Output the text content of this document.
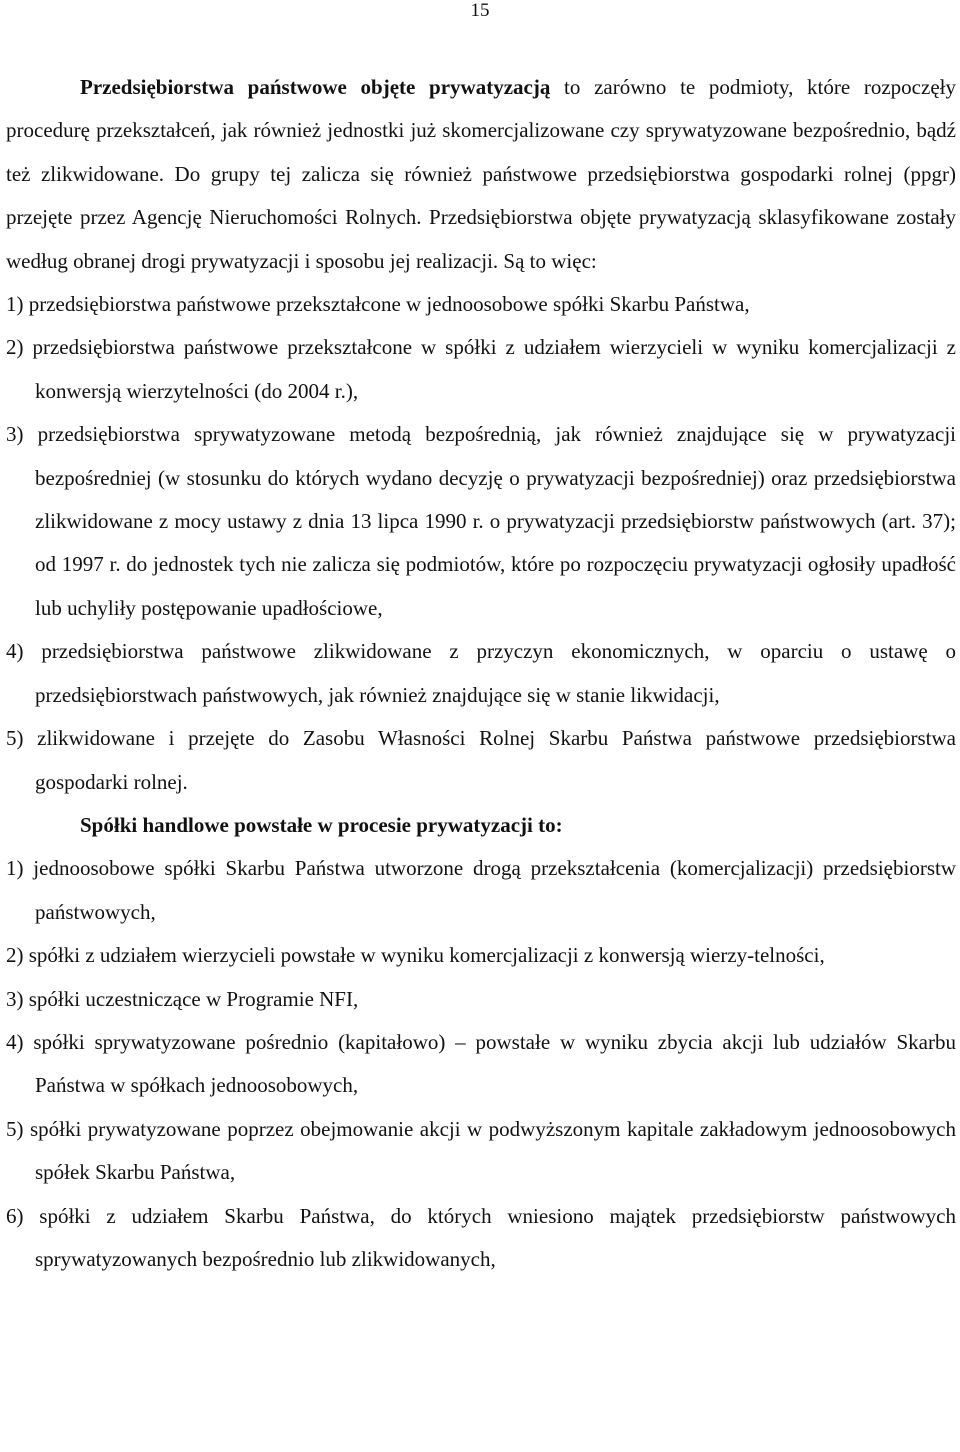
15

Przedsiębiorstwa państwowe objęte prywatyzacją to zarówno te podmioty, które rozpoczęły procedurę przekształceń, jak również jednostki już skomercjalizowane czy sprywatyzowane bezpośrednio, bądź też zlikwidowane. Do grupy tej zalicza się również państwowe przedsiębiorstwa gospodarki rolnej (ppgr) przejęte przez Agencję Nieruchomości Rolnych. Przedsiębiorstwa objęte prywatyzacją sklasyfikowane zostały według obranej drogi prywatyzacji i sposobu jej realizacji. Są to więc:

1) przedsiębiorstwa państwowe przekształcone w jednoosobowe spółki Skarbu Państwa,

2) przedsiębiorstwa państwowe przekształcone w spółki z udziałem wierzycieli w wyniku komercjalizacji z konwersją wierzytelności (do 2004 r.),

3) przedsiębiorstwa sprywatyzowane metodą bezpośrednią, jak również znajdujące się w prywatyzacji bezpośredniej (w stosunku do których wydano decyzję o prywatyzacji bezpośredniej) oraz przedsiębiorstwa zlikwidowane z mocy ustawy z dnia 13 lipca 1990 r. o prywatyzacji przedsiębiorstw państwowych (art. 37); od 1997 r. do jednostek tych nie zalicza się podmiotów, które po rozpoczęciu prywatyzacji ogłosiły upadłość lub uchyliły postępowanie upadłościowe,

4) przedsiębiorstwa państwowe zlikwidowane z przyczyn ekonomicznych, w oparciu o ustawę o przedsiębiorstwach państwowych, jak również znajdujące się w stanie likwidacji,

5) zlikwidowane i przejęte do Zasobu Własności Rolnej Skarbu Państwa państwowe przedsiębiorstwa gospodarki rolnej.

Spółki handlowe powstałe w procesie prywatyzacji to:

1) jednoosobowe spółki Skarbu Państwa utworzone drogą przekształcenia (komercjalizacji) przedsiębiorstw państwowych,

2) spółki z udziałem wierzycieli powstałe w wyniku komercjalizacji z konwersją wierzy-telności,

3) spółki uczestniczące w Programie NFI,

4) spółki sprywatyzowane pośrednio (kapitałowo) – powstałe w wyniku zbycia akcji lub udziałów Skarbu Państwa w spółkach jednoosobowych,

5) spółki prywatyzowane poprzez obejmowanie akcji w podwyższonym kapitale zakładowym jednoosobowych spółek Skarbu Państwa,

6) spółki z udziałem Skarbu Państwa, do których wniesiono majątek przedsiębiorstw państwowych sprywatyzowanych bezpośrednio lub zlikwidowanych,
